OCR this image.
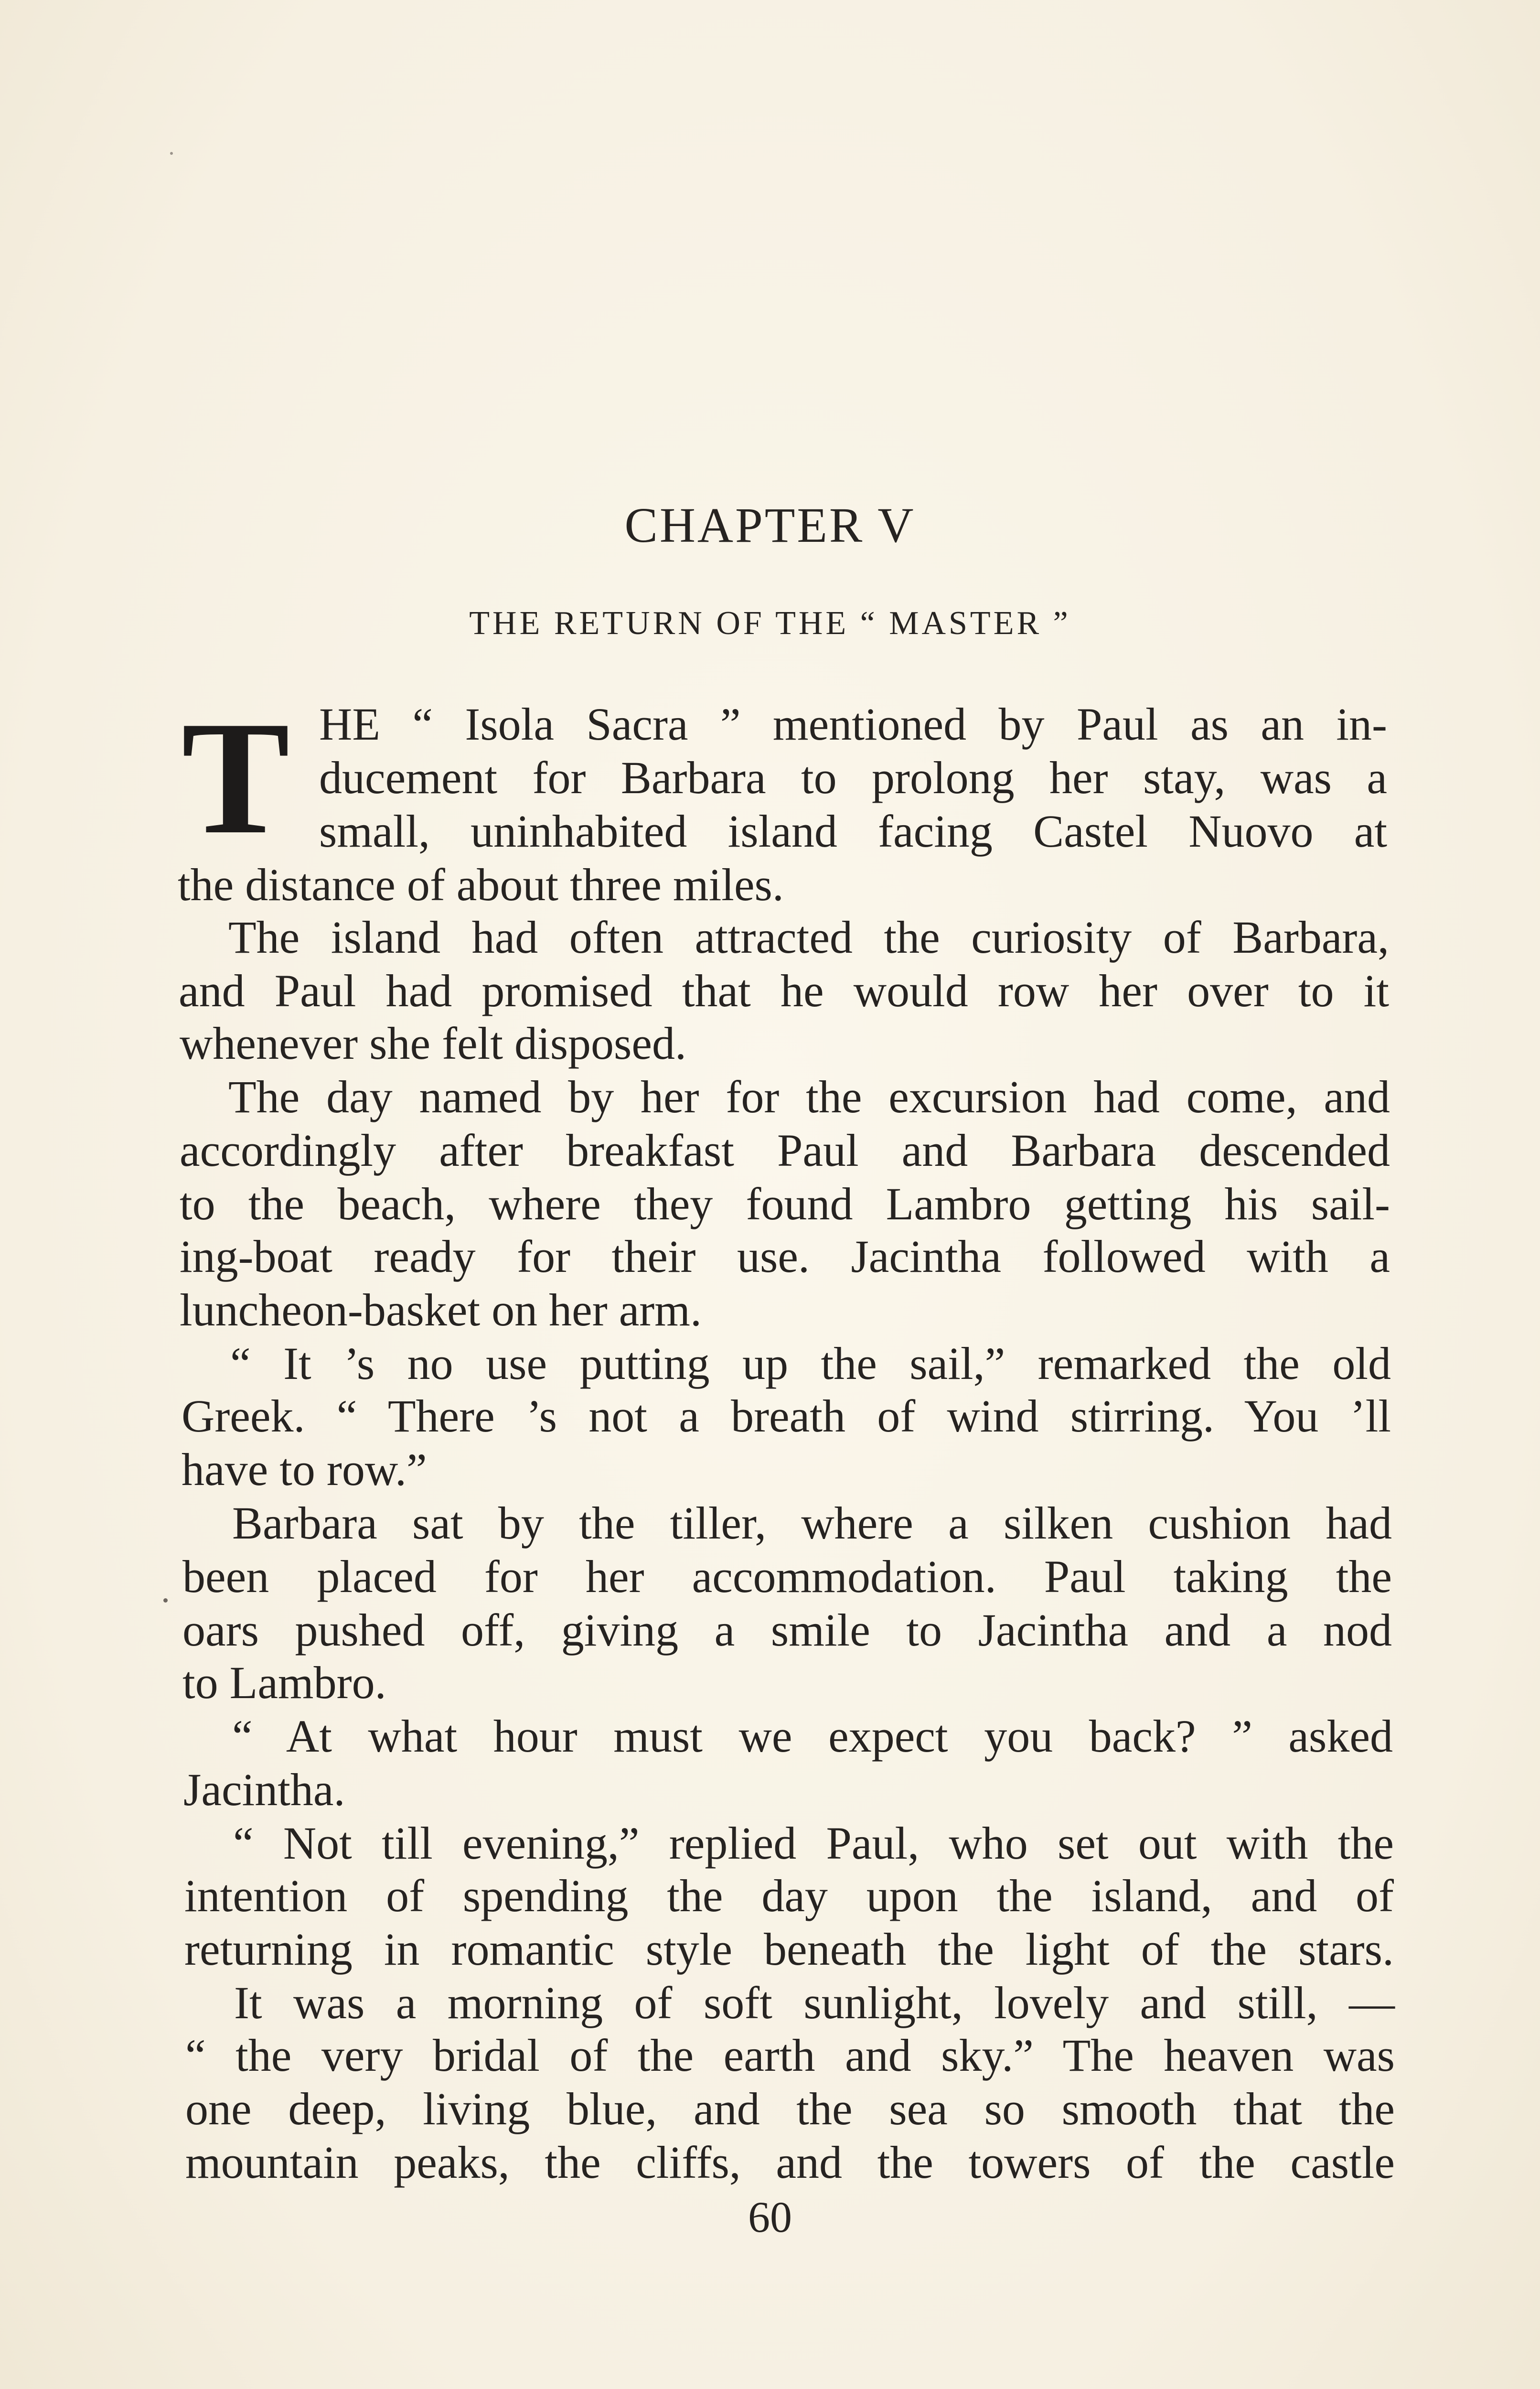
CHAPTER V
THE RETURN OF THE “ MASTER ”
T HE “ Isola Sacra ” mentioned by Paul as an in-
ducement for Barbara to prolong her stay, was a
small, uninhabited island facing Castel Nuovo at
the distance of about three miles.
The island had often attracted the curiosity of Barbara,
and Paul had promised that he would row her over to it
whenever she felt disposed.
The day named by her for the excursion had come, and
accordingly after breakfast Paul and Barbara descended
to the beach, where they found Lambro getting his sail-
ing-boat ready for their use. Jacintha followed with a
luncheon-basket on her arm.
“ It ’s no use putting up the sail,” remarked the old
Greek. “ There ’s not a breath of wind stirring. You ’ll
have to row.”
Barbara sat by the tiller, where a silken cushion had
been placed for her accommodation. Paul taking the
oars pushed off, giving a smile to Jacintha and a nod
to Lambro.
“ At what hour must we expect you back? ” asked
Jacintha.
“ Not till evening,” replied Paul, who set out with the
intention of spending the day upon the island, and of
returning in romantic style beneath the light of the stars.
It was a morning of soft sunlight, lovely and still, —
“ the very bridal of the earth and sky.” The heaven was
one deep, living blue, and the sea so smooth that the
mountain peaks, the cliffs, and the towers of the castle
60
